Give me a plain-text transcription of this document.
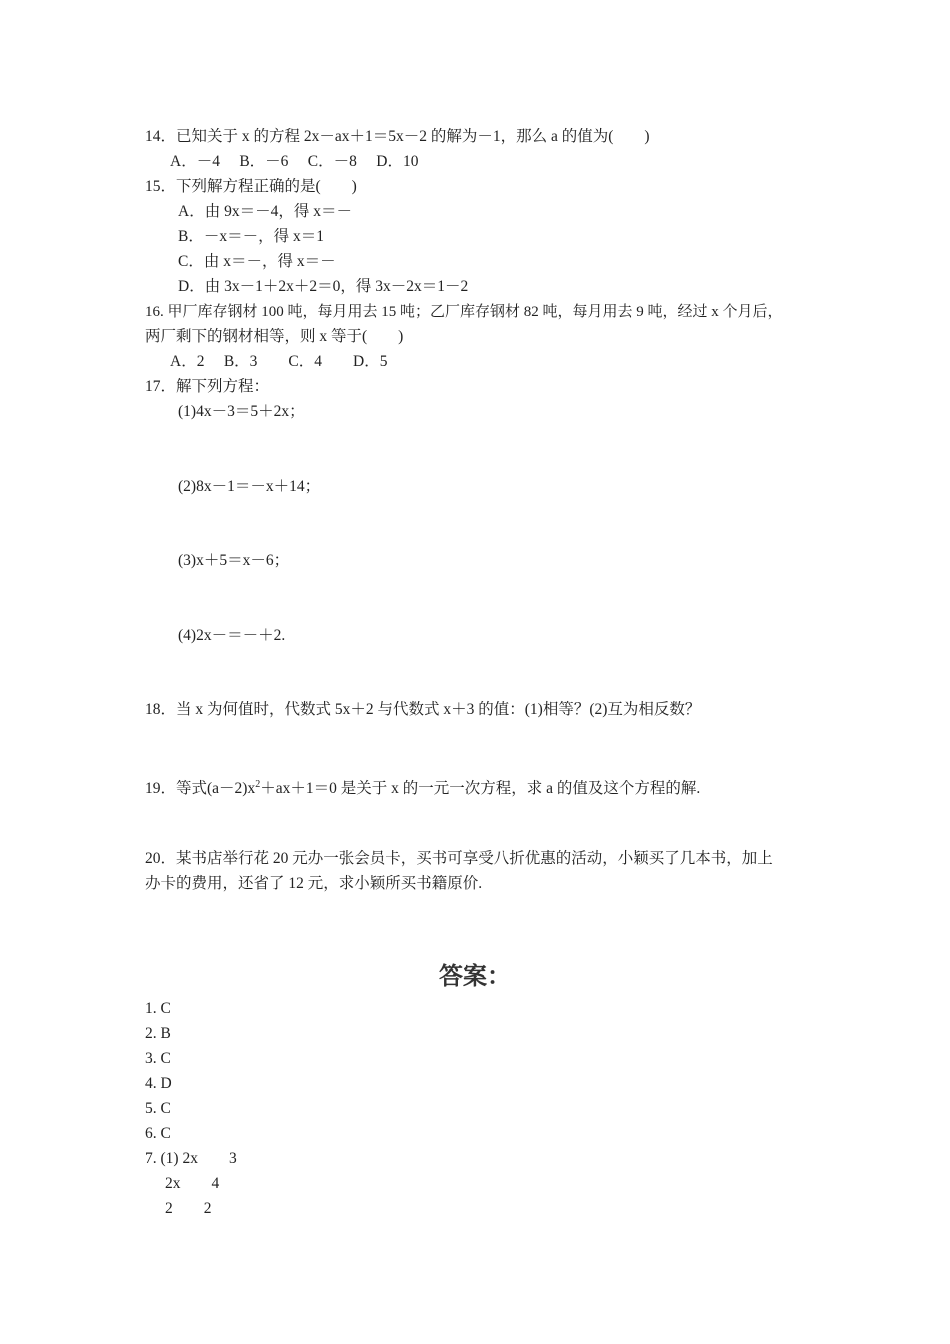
14．已知关于 x 的方程 2x－ax＋1＝5x－2 的解为－1，那么 a 的值为(　　)
A．－4　 B．－6　 C．－8　 D．10
15．下列解方程正确的是(　　)
A．由 9x＝－4，得 x＝－
B．－x＝－，得 x＝1
C．由 x＝－，得 x＝－
D．由 3x－1＋2x＋2＝0，得 3x－2x＝1－2
16. 甲厂库存钢材 100 吨，每月用去 15 吨；乙厂库存钢材 82 吨，每月用去 9 吨，经过 x 个月后，
两厂剩下的钢材相等，则 x 等于(　　)
A．2　 B．3　　C．4　　D．5
17．解下列方程：
(1)4x－3＝5＋2x；
(2)8x－1＝－x＋14；
(3)x＋5＝x－6；
(4)2x－＝－＋2.
18．当 x 为何值时，代数式 5x＋2 与代数式 x＋3 的值：(1)相等？(2)互为相反数？
19．等式$(a-2)x^2+ax+1=0$ 是关于 x 的一元一次方程，求 a 的值及这个方程的解.
20．某书店举行花 20 元办一张会员卡，买书可享受八折优惠的活动，小颖买了几本书，加上
办卡的费用，还省了 12 元，求小颖所买书籍原价.
答案：
1. C
2. B
3. C
4. D
5. C
6. C
7. (1) 2x　　3
2x　　4
2　　2
